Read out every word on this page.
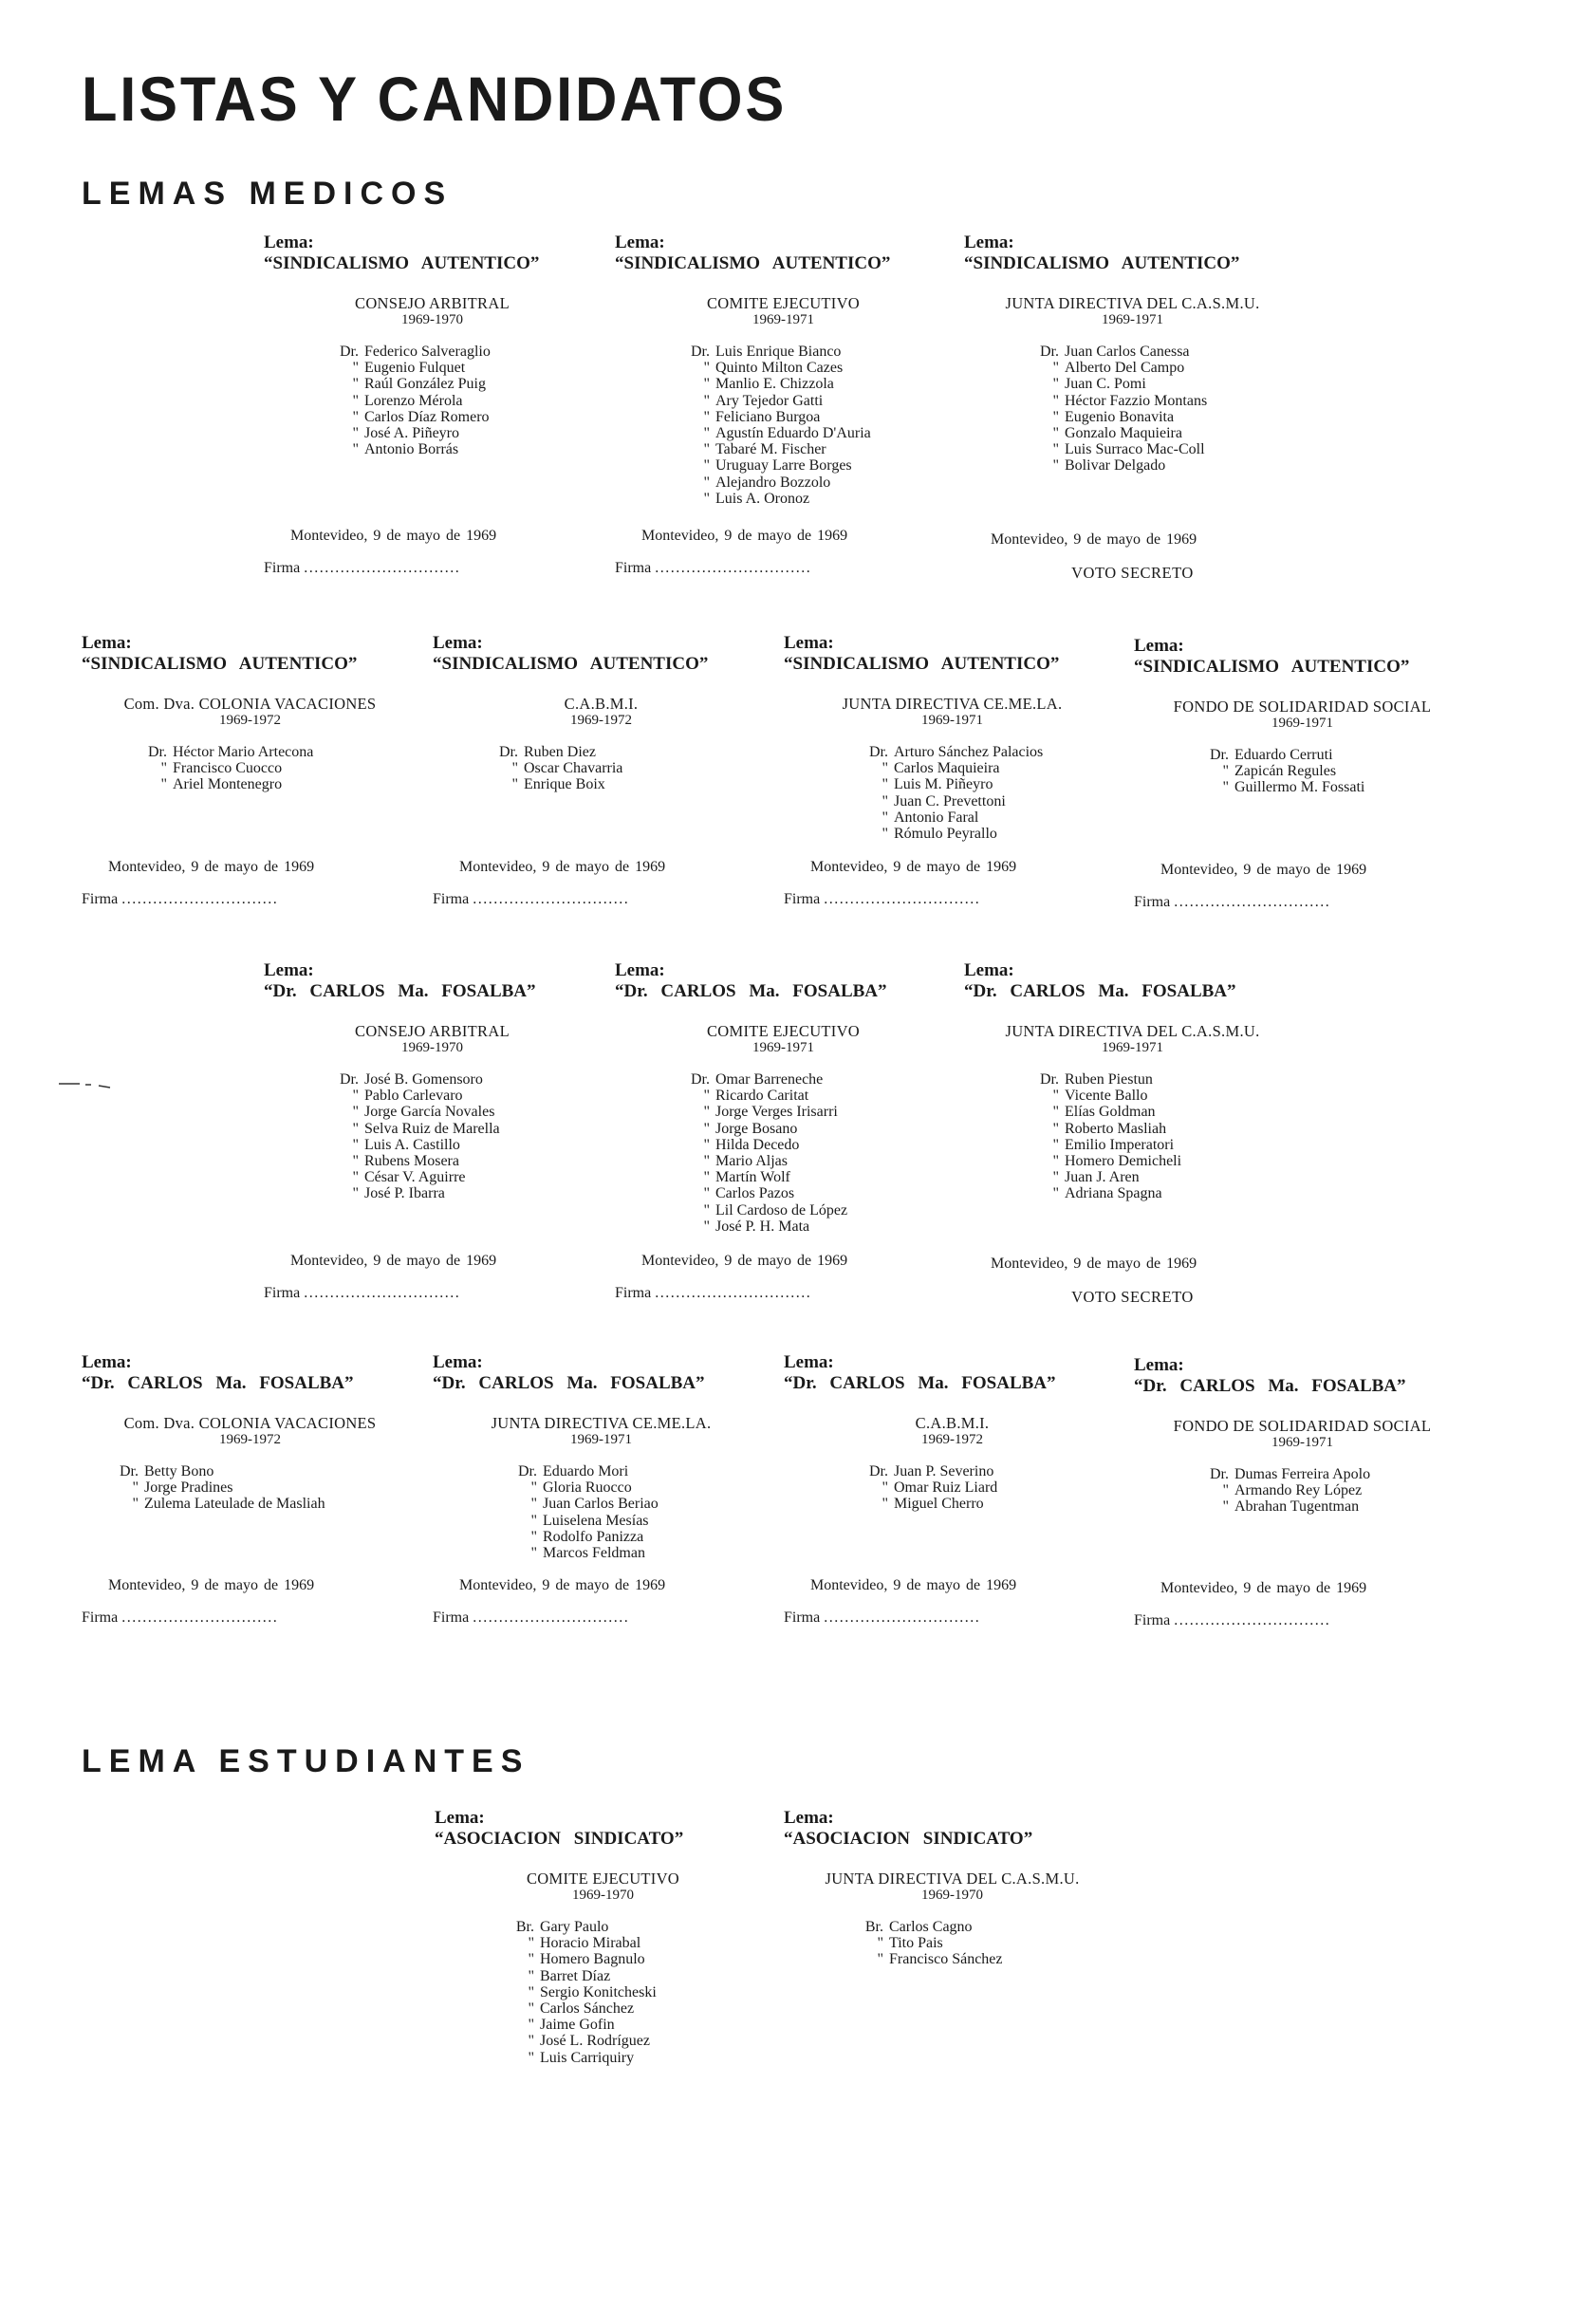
LISTAS Y CANDIDATOS
LEMAS MEDICOS
LEMA ESTUDIANTES
Lema:
“SINDICALISMO AUTENTICO”
CONSEJO ARBITRAL
1969-1970
Dr. Federico Salveraglio
" Eugenio Fulquet
" Raúl González Puig
" Lorenzo Mérola
" Carlos Díaz Romero
" José A. Piñeyro
" Antonio Borrás
Lema:
“SINDICALISMO AUTENTICO”
COMITE EJECUTIVO
1969-1971
Dr. Luis Enrique Bianco
" Quinto Milton Cazes
" Manlio E. Chizzola
" Ary Tejedor Gatti
" Feliciano Burgoa
" Agustín Eduardo D'Auria
" Tabaré M. Fischer
" Uruguay Larre Borges
" Alejandro Bozzolo
" Luis A. Oronoz
Lema:
“SINDICALISMO AUTENTICO”
JUNTA DIRECTIVA DEL C.A.S.M.U.
1969-1971
Dr. Juan Carlos Canessa
" Alberto Del Campo
" Juan C. Pomi
" Héctor Fazzio Montans
" Eugenio Bonavita
" Gonzalo Maquieira
" Luis Surraco Mac-Coll
" Bolivar Delgado
Lema:
“SINDICALISMO AUTENTICO”
Com. Dva. COLONIA VACACIONES
1969-1972
Dr. Héctor Mario Artecona
" Francisco Cuocco
" Ariel Montenegro
Lema:
“SINDICALISMO AUTENTICO”
C.A.B.M.I.
1969-1972
Dr. Ruben Diez
" Oscar Chavarria
" Enrique Boix
Lema:
“SINDICALISMO AUTENTICO”
JUNTA DIRECTIVA CE.ME.LA.
1969-1971
Dr. Arturo Sánchez Palacios
" Carlos Maquieira
" Luis M. Piñeyro
" Juan C. Prevettoni
" Antonio Faral
" Rómulo Peyrallo
Lema:
“SINDICALISMO AUTENTICO”
FONDO DE SOLIDARIDAD SOCIAL
1969-1971
Dr. Eduardo Cerruti
" Zapicán Regules
" Guillermo M. Fossati
Lema:
“Dr. CARLOS Ma. FOSALBA”
CONSEJO ARBITRAL
1969-1970
Dr. José B. Gomensoro
" Pablo Carlevaro
" Jorge García Novales
" Selva Ruiz de Marella
" Luis A. Castillo
" Rubens Mosera
" César V. Aguirre
" José P. Ibarra
Lema:
“Dr. CARLOS Ma. FOSALBA”
COMITE EJECUTIVO
1969-1971
Dr. Omar Barreneche
" Ricardo Caritat
" Jorge Verges Irisarri
" Jorge Bosano
" Hilda Decedo
" Mario Aljas
" Martín Wolf
" Carlos Pazos
" Lil Cardoso de López
" José P. H. Mata
Lema:
“Dr. CARLOS Ma. FOSALBA”
JUNTA DIRECTIVA DEL C.A.S.M.U.
1969-1971
Dr. Ruben Piestun
" Vicente Ballo
" Elías Goldman
" Roberto Masliah
" Emilio Imperatori
" Homero Demicheli
" Juan J. Aren
" Adriana Spagna
Lema:
“Dr. CARLOS Ma. FOSALBA”
Com. Dva. COLONIA VACACIONES
1969-1972
Dr. Betty Bono
" Jorge Pradines
" Zulema Lateulade de Masliah
Lema:
“Dr. CARLOS Ma. FOSALBA”
JUNTA DIRECTIVA CE.ME.LA.
1969-1971
Dr. Eduardo Mori
" Gloria Ruocco
" Juan Carlos Beriao
" Luiselena Mesías
" Rodolfo Panizza
" Marcos Feldman
Lema:
“Dr. CARLOS Ma. FOSALBA”
C.A.B.M.I.
1969-1972
Dr. Juan P. Severino
" Omar Ruiz Liard
" Miguel Cherro
Lema:
“Dr. CARLOS Ma. FOSALBA”
FONDO DE SOLIDARIDAD SOCIAL
1969-1971
Dr. Dumas Ferreira Apolo
" Armando Rey López
" Abrahan Tugentman
Lema:
“ASOCIACION SINDICATO”
COMITE EJECUTIVO
1969-1970
Br. Gary Paulo
" Horacio Mirabal
" Homero Bagnulo
" Barret Díaz
" Sergio Konitcheski
" Carlos Sánchez
" Jaime Gofin
" José L. Rodríguez
" Luis Carriquiry
Lema:
“ASOCIACION SINDICATO”
JUNTA DIRECTIVA DEL C.A.S.M.U.
1969-1970
Br. Carlos Cagno
" Tito Pais
" Francisco Sánchez
Montevideo, 9 de mayo de 1969
Firma ..............................
Montevideo, 9 de mayo de 1969
Firma ..............................
Montevideo, 9 de mayo de 1969
VOTO SECRETO
Montevideo, 9 de mayo de 1969
Firma ..............................
Montevideo, 9 de mayo de 1969
Firma ..............................
Montevideo, 9 de mayo de 1969
Firma ..............................
Montevideo, 9 de mayo de 1969
Firma ..............................
Montevideo, 9 de mayo de 1969
Firma ..............................
Montevideo, 9 de mayo de 1969
Firma ..............................
Montevideo, 9 de mayo de 1969
VOTO SECRETO
Montevideo, 9 de mayo de 1969
Firma ..............................
Montevideo, 9 de mayo de 1969
Firma ..............................
Montevideo, 9 de mayo de 1969
Firma ..............................
Montevideo, 9 de mayo de 1969
Firma ..............................
